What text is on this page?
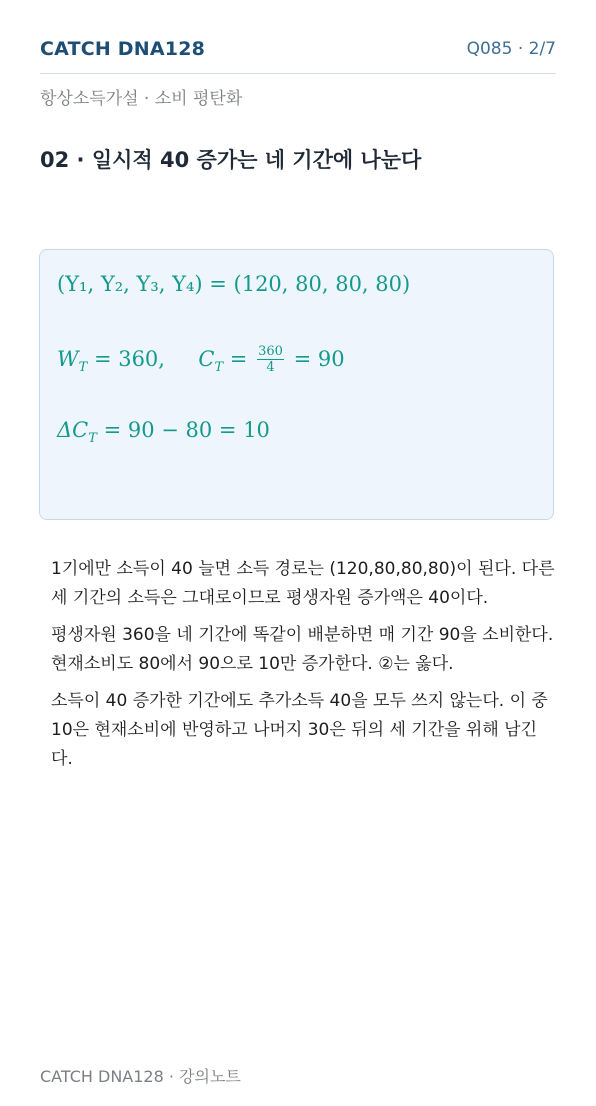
CATCH DNA128	Q085 · 2/7
항상소득가설 · 소비 평탄화
02 · 일시적 40 증가는 네 기간에 나눈다
(Y₁, Y₂, Y₃, Y₄) = (120, 80, 80, 80)
$W_T = 360$, $C_T = \frac{360}{4} = 90$
$\Delta C_T = 90 - 80 = 10$

1기에만 소득이 40 늘면 소득 경로는 (120,80,80,80)이 된다. 다른 세 기간의 소득은 그대로이므로 평생자원 증가액은 40이다.

평생자원 360을 네 기간에 똑같이 배분하면 매 기간 90을 소비한다. 현재소비도 80에서 90으로 10만 증가한다. ②는 옳다.

소득이 40 증가한 기간에도 추가소득 40을 모두 쓰지 않는다. 이 중 10은 현재소비에 반영하고 나머지 30은 뒤의 세 기간을 위해 남긴다.

CATCH DNA128 · 강의노트
